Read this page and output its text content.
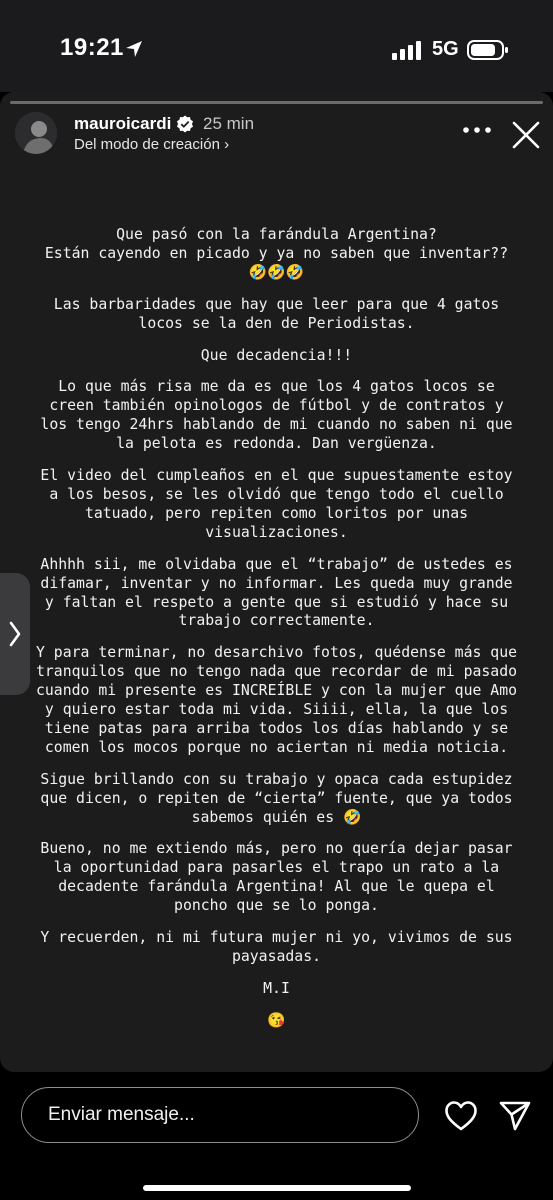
19:21	5G
mauroicardi 25 min
Del modo de creación ›

Que pasó con la farándula Argentina?
Están cayendo en picado y ya no saben que inventar??
🤣🤣🤣

Las barbaridades que hay que leer para que 4 gatos
locos se la den de Periodistas.

Que decadencia!!!

Lo que más risa me da es que los 4 gatos locos se
creen también opinologos de fútbol y de contratos y
los tengo 24hrs hablando de mi cuando no saben ni que
la pelota es redonda. Dan vergüenza.

El video del cumpleaños en el que supuestamente estoy
a los besos, se les olvidó que tengo todo el cuello
tatuado, pero repiten como loritos por unas
visualizaciones.

Ahhhh sii, me olvidaba que el “trabajo” de ustedes es
difamar, inventar y no informar. Les queda muy grande
y faltan el respeto a gente que si estudió y hace su
trabajo correctamente.

Y para terminar, no desarchivo fotos, quédense más que
tranquilos que no tengo nada que recordar de mi pasado
cuando mi presente es INCREÍBLE y con la mujer que Amo
y quiero estar toda mi vida. Siiii, ella, la que los
tiene patas para arriba todos los días hablando y se
comen los mocos porque no aciertan ni media noticia.

Sigue brillando con su trabajo y opaca cada estupidez
que dicen, o repiten de “cierta” fuente, que ya todos
sabemos quién es 🤣

Bueno, no me extiendo más, pero no quería dejar pasar
la oportunidad para pasarles el trapo un rato a la
decadente farándula Argentina! Al que le quepa el
poncho que se lo ponga.

Y recuerden, ni mi futura mujer ni yo, vivimos de sus
payasadas.

M.I

😘

Enviar mensaje...
